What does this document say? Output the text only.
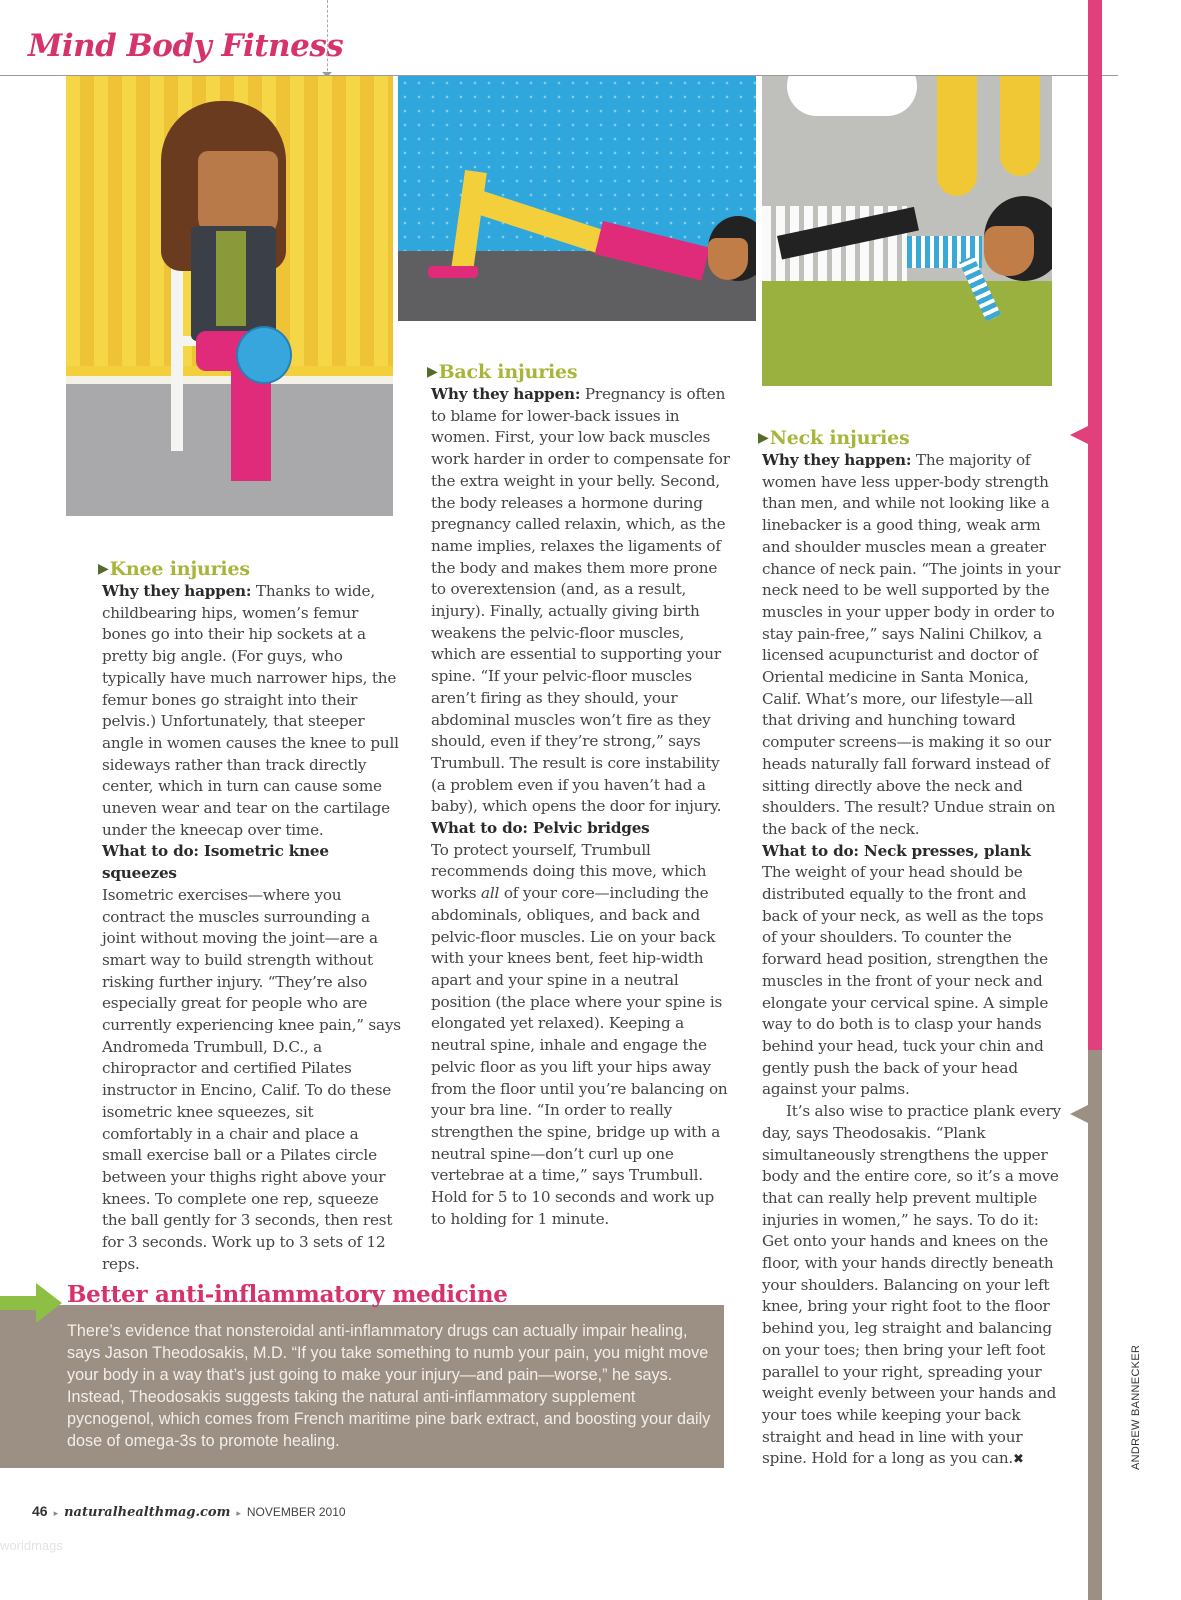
Mind Body Fitness
ANDREW BANNECKER
▶ Knee injuries
Why they happen: Thanks to wide, childbearing hips, women’s femur bones go into their hip sockets at a pretty big angle. (For guys, who typically have much narrower hips, the femur bones go straight into their pelvis.) Unfortunately, that steeper angle in women causes the knee to pull sideways rather than track directly center, which in turn can cause some uneven wear and tear on the cartilage under the kneecap over time.
What to do: Isometric knee squeezes
Isometric exercises—where you contract the muscles surrounding a joint without moving the joint—are a smart way to build strength without risking further injury. “They’re also especially great for people who are currently experiencing knee pain,” says Andromeda Trumbull, D.C., a chiropractor and certified Pilates instructor in Encino, Calif. To do these isometric knee squeezes, sit comfortably in a chair and place a small exercise ball or a Pilates circle between your thighs right above your knees. To complete one rep, squeeze the ball gently for 3 seconds, then rest for 3 seconds. Work up to 3 sets of 12 reps.
▶ Back injuries
Why they happen: Pregnancy is often to blame for lower-back issues in women. First, your low back muscles work harder in order to compensate for the extra weight in your belly. Second, the body releases a hormone during pregnancy called relaxin, which, as the name implies, relaxes the ligaments of the body and makes them more prone to overextension (and, as a result, injury). Finally, actually giving birth weakens the pelvic-floor muscles, which are essential to supporting your spine. “If your pelvic-floor muscles aren’t firing as they should, your abdominal muscles won’t fire as they should, even if they’re strong,” says Trumbull. The result is core instability (a problem even if you haven’t had a baby), which opens the door for injury.
What to do: Pelvic bridges
To protect yourself, Trumbull recommends doing this move, which works all of your core—including the abdominals, obliques, and back and pelvic-floor muscles. Lie on your back with your knees bent, feet hip-width apart and your spine in a neutral position (the place where your spine is elongated yet relaxed). Keeping a neutral spine, inhale and engage the pelvic floor as you lift your hips away from the floor until you’re balancing on your bra line. “In order to really strengthen the spine, bridge up with a neutral spine—don’t curl up one vertebrae at a time,” says Trumbull. Hold for 5 to 10 seconds and work up to holding for 1 minute.
▶ Neck injuries
Why they happen: The majority of women have less upper-body strength than men, and while not looking like a linebacker is a good thing, weak arm and shoulder muscles mean a greater chance of neck pain. “The joints in your neck need to be well supported by the muscles in your upper body in order to stay pain-free,” says Nalini Chilkov, a licensed acupuncturist and doctor of Oriental medicine in Santa Monica, Calif. What’s more, our lifestyle—all that driving and hunching toward computer screens—is making it so our heads naturally fall forward instead of sitting directly above the neck and shoulders. The result? Undue strain on the back of the neck.
What to do: Neck presses, plank
The weight of your head should be distributed equally to the front and back of your neck, as well as the tops of your shoulders. To counter the forward head position, strengthen the muscles in the front of your neck and elongate your cervical spine. A simple way to do both is to clasp your hands behind your head, tuck your chin and gently push the back of your head against your palms.
It’s also wise to practice plank every day, says Theodosakis. “Plank simultaneously strengthens the upper body and the entire core, so it’s a move that can really help prevent multiple injuries in women,” he says. To do it: Get onto your hands and knees on the floor, with your hands directly beneath your shoulders. Balancing on your left knee, bring your right foot to the floor behind you, leg straight and balancing on your toes; then bring your left foot parallel to your right, spreading your weight evenly between your hands and your toes while keeping your back straight and head in line with your spine. Hold for a long as you can.✖
Better anti-inflammatory medicine
There’s evidence that nonsteroidal anti-inflammatory drugs can actually impair healing, says Jason Theodosakis, M.D. “If you take something to numb your pain, you might move your body in a way that’s just going to make your injury—and pain—worse,” he says. Instead, Theodosakis suggests taking the natural anti-inflammatory supplement pycnogenol, which comes from French maritime pine bark extract, and boosting your daily dose of omega-3s to promote healing.
46 ▸ naturalhealthmag.com ▸ NOVEMBER 2010
worldmags
